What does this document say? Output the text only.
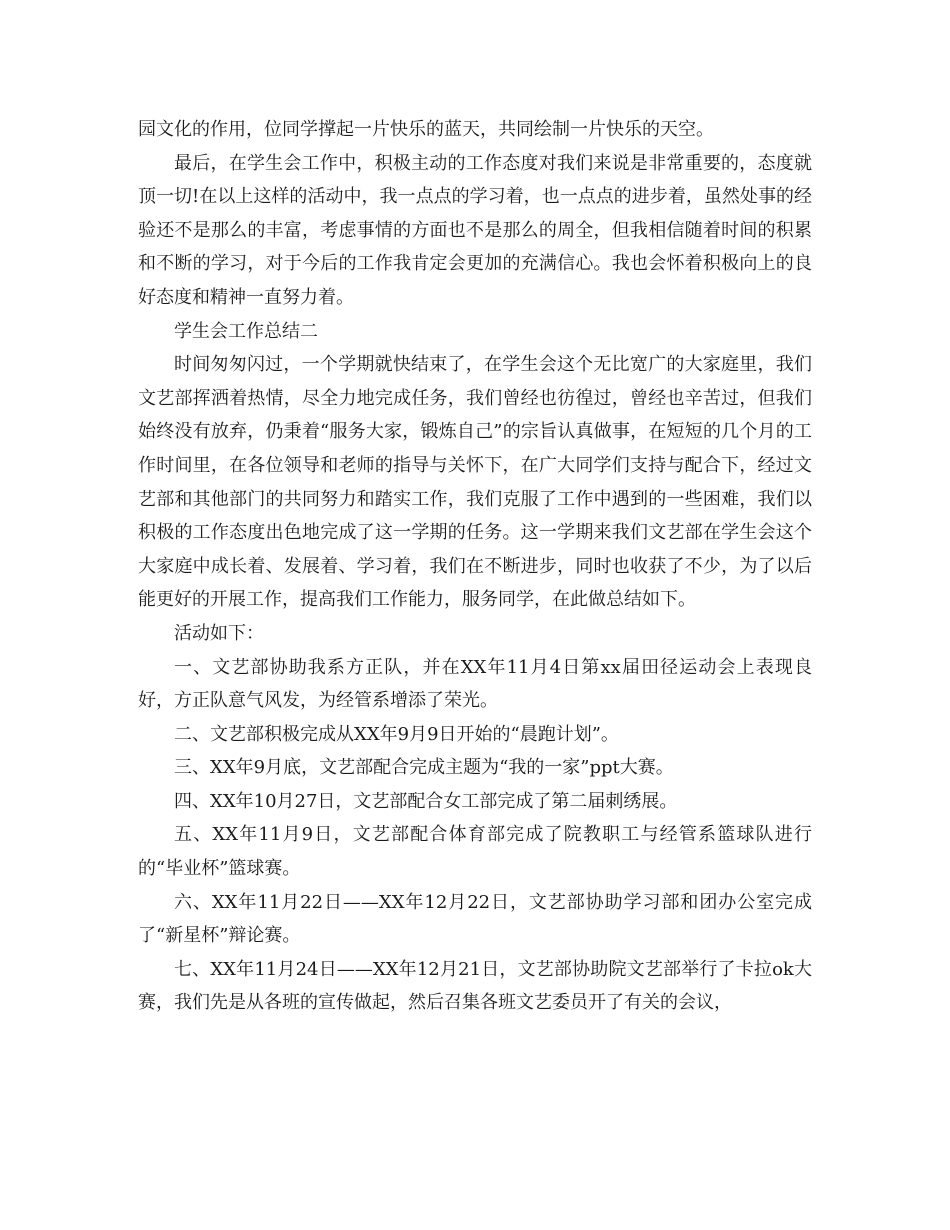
园文化的作用，位同学撑起一片快乐的蓝天，共同绘制一片快乐的天空。

最后，在学生会工作中，积极主动的工作态度对我们来说是非常重要的，态度就顶一切!在以上这样的活动中，我一点点的学习着，也一点点的进步着，虽然处事的经验还不是那么的丰富，考虑事情的方面也不是那么的周全，但我相信随着时间的积累和不断的学习，对于今后的工作我肯定会更加的充满信心。我也会怀着积极向上的良好态度和精神一直努力着。

学生会工作总结二

时间匆匆闪过，一个学期就快结束了，在学生会这个无比宽广的大家庭里，我们文艺部挥洒着热情，尽全力地完成任务，我们曾经也彷徨过，曾经也辛苦过，但我们始终没有放弃，仍秉着“服务大家，锻炼自己”的宗旨认真做事，在短短的几个月的工作时间里，在各位领导和老师的指导与关怀下，在广大同学们支持与配合下，经过文艺部和其他部门的共同努力和踏实工作，我们克服了工作中遇到的一些困难，我们以积极的工作态度出色地完成了这一学期的任务。这一学期来我们文艺部在学生会这个大家庭中成长着、发展着、学习着，我们在不断进步，同时也收获了不少，为了以后能更好的开展工作，提高我们工作能力，服务同学，在此做总结如下。

活动如下：

一、文艺部协助我系方正队，并在XX年11月4日第xx届田径运动会上表现良好，方正队意气风发，为经管系增添了荣光。

二、文艺部积极完成从XX年9月9日开始的“晨跑计划”。

三、XX年9月底，文艺部配合完成主题为“我的一家”ppt大赛。

四、XX年10月27日，文艺部配合女工部完成了第二届刺绣展。

五、XX年11月9日，文艺部配合体育部完成了院教职工与经管系篮球队进行的“毕业杯”篮球赛。

六、XX年11月22日——XX年12月22日，文艺部协助学习部和团办公室完成了“新星杯”辩论赛。

七、XX年11月24日——XX年12月21日，文艺部协助院文艺部举行了卡拉ok大赛，我们先是从各班的宣传做起，然后召集各班文艺委员开了有关的会议，
